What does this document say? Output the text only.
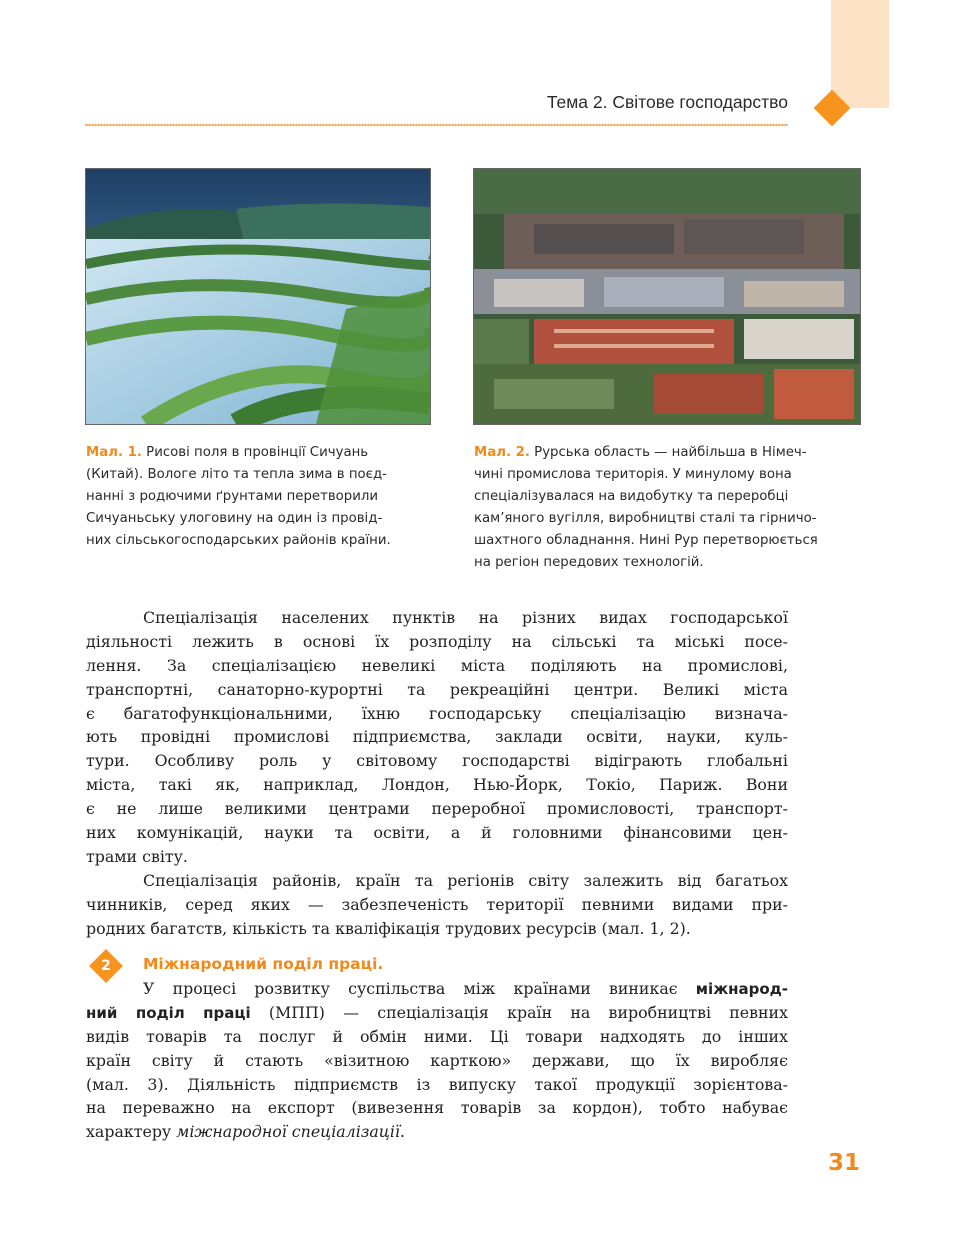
Тема 2. Світове господарство
Мал. 1. Рисові поля в провінції Сичуань
(Китай). Вологе літо та тепла зима в поєд-
нанні з родючими ґрунтами перетворили
Сичуаньську улоговину на один із провід-
них сільськогосподарських районів країни.
Мал. 2. Рурська область — найбільша в Німеч-
чині промислова територія. У минулому вона
спеціалізувалася на видобутку та переробці
кам’яного вугілля, виробництві сталі та гірничо-
шахтного обладнання. Нині Рур перетворюється
на регіон передових технологій.
Спеціалізація населених пунктів на різних видах господарської
діяльності лежить в основі їх розподілу на сільські та міські посе-
лення. За спеціалізацією невеликі міста поділяють на промислові,
транспортні, санаторно-курортні та рекреаційні центри. Великі міста
є багатофункціональними, їхню господарську спеціалізацію визнача-
ють провідні промислові підприємства, заклади освіти, науки, куль-
тури. Особливу роль у світовому господарстві відіграють глобальні
міста, такі як, наприклад, Лондон, Нью-Йорк, Токіо, Париж. Вони
є не лише великими центрами переробної промисловості, транспорт-
них комунікацій, науки та освіти, а й головними фінансовими цен-
трами світу.
Спеціалізація районів, країн та регіонів світу залежить від багатьох
чинників, серед яких — забезпеченість території певними видами при-
родних багатств, кількість та кваліфікація трудових ресурсів (мал. 1, 2).
2	Міжнародний поділ праці.
У процесі розвитку суспільства між країнами виникає міжнарод-
ний поділ праці (МПП) — спеціалізація країн на виробництві певних
видів товарів та послуг й обмін ними. Ці товари надходять до інших
країн світу й стають «візитною карткою» держави, що їх виробляє
(мал. 3). Діяльність підприємств із випуску такої продукції зорієнтова-
на переважно на експорт (вивезення товарів за кордон), тобто набуває
характеру міжнародної спеціалізації.
31
